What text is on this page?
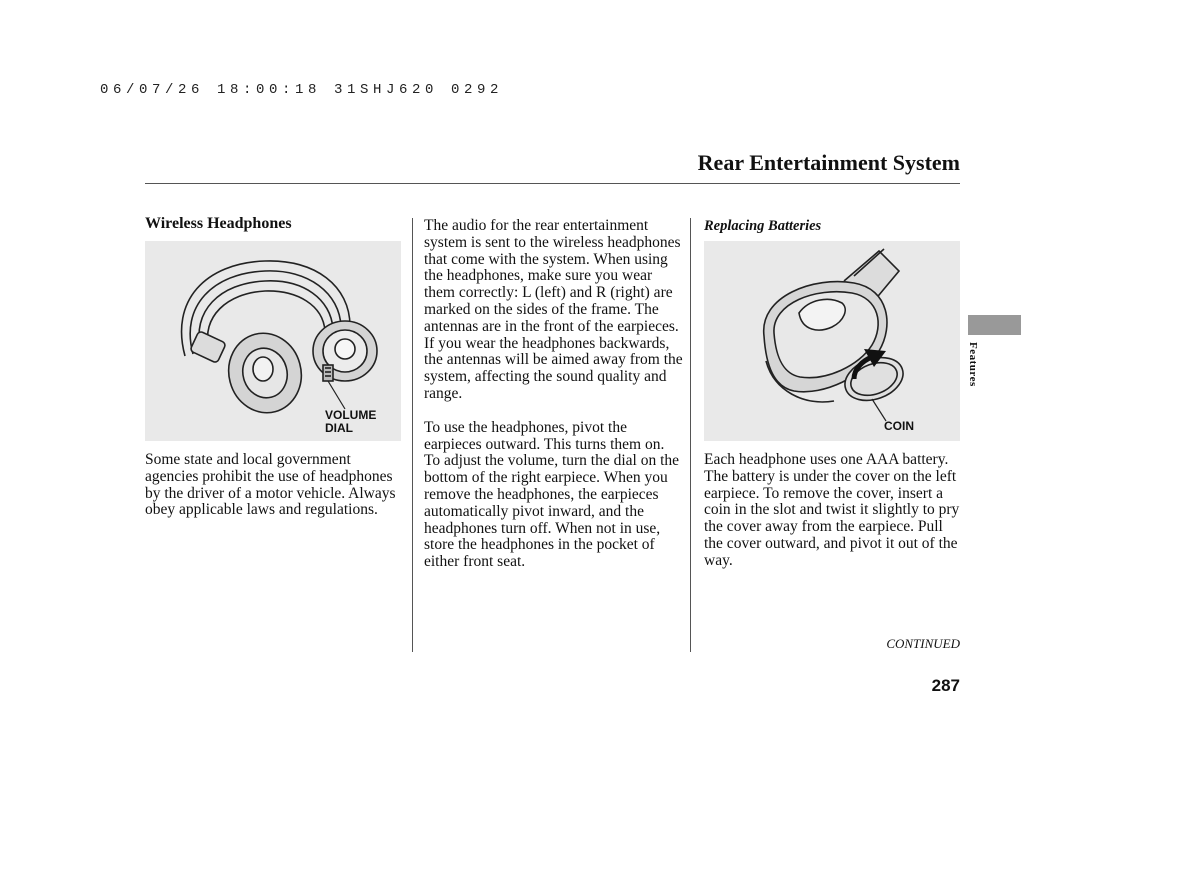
06/07/26 18:00:18 31SHJ620 0292
Rear Entertainment System
Wireless Headphones
VOLUME
DIAL

Some state and local government agencies prohibit the use of headphones by the driver of a motor vehicle. Always obey applicable laws and regulations.

The audio for the rear entertainment system is sent to the wireless headphones that come with the system. When using the headphones, make sure you wear them correctly: L (left) and R (right) are marked on the sides of the frame. The antennas are in the front of the earpieces. If you wear the headphones backwards, the antennas will be aimed away from the system, affecting the sound quality and range.

To use the headphones, pivot the earpieces outward. This turns them on. To adjust the volume, turn the dial on the bottom of the right earpiece. When you remove the headphones, the earpieces automatically pivot inward, and the headphones turn off. When not in use, store the headphones in the pocket of either front seat.

Replacing Batteries
COIN

Each headphone uses one AAA battery. The battery is under the cover on the left earpiece. To remove the cover, insert a coin in the slot and twist it slightly to pry the cover away from the earpiece. Pull the cover outward, and pivot it out of the way.

CONTINUED
287
Features
